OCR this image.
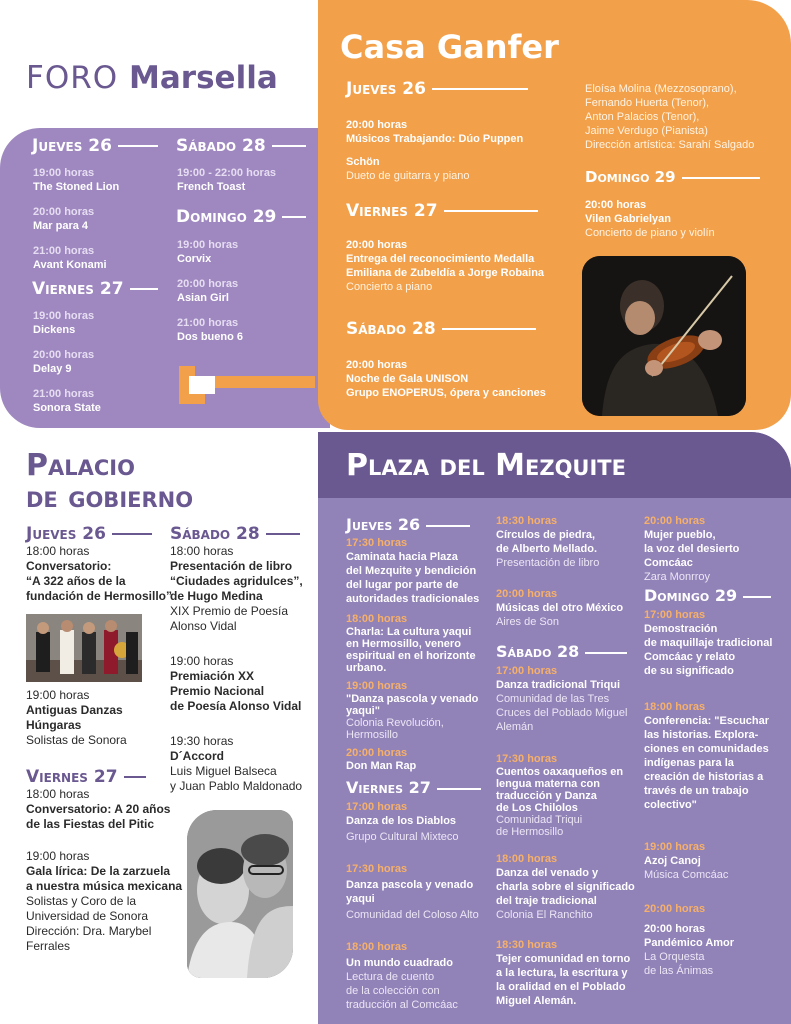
FORO Marsella
Jueves 26
19:00 horas
The Stoned Lion
20:00 horas
Mar para 4
21:00 horas
Avant Konami
Viernes 27
19:00 horas
Dickens
20:00 horas
Delay 9
21:00 horas
Sonora State
Sábado 28
19:00 - 22:00 horas
French Toast
Domingo 29
19:00 horas
Corvix
20:00 horas
Asian Girl
21:00 horas
Dos bueno 6
Casa Ganfer
Jueves 26
20:00 horas
Músicos Trabajando: Dúo Puppen
Schön
Dueto de guitarra y piano
Viernes 27
20:00 horas
Entrega del reconocimiento Medalla Emiliana de Zubeldía a Jorge Robaina
Concierto a piano
Sábado 28
20:00 horas
Noche de Gala UNISON
Grupo ENOPERUS, ópera y canciones
Eloísa Molina (Mezzosoprano),
Fernando Huerta (Tenor),
Anton Palacios (Tenor),
Jaime Verdugo (Pianista)
Dirección artística: Sarahí Salgado
Domingo 29
20:00 horas
Vilen Gabrielyan
Concierto de piano y violín
Palacio
de gobierno
Jueves 26
18:00 horas
Conversatorio:
“A 322 años de la
fundación de Hermosillo”
19:00 horas
Antiguas Danzas
Húngaras
Solistas de Sonora
Viernes 27
18:00 horas
Conversatorio: A 20 años
de las Fiestas del Pitic
19:00 horas
Gala lírica: De la zarzuela
a nuestra música mexicana
Solistas y Coro de la
Universidad de Sonora
Dirección: Dra. Marybel
Ferrales
Sábado 28
18:00 horas
Presentación de libro
“Ciudades agridulces”,
de Hugo Medina
XIX Premio de Poesía
Alonso Vidal
19:00 horas
Premiación XX
Premio Nacional
de Poesía Alonso Vidal
19:30 horas
D´Accord
Luis Miguel Balseca
y Juan Pablo Maldonado
Plaza del Mezquite
Jueves 26
17:30 horas
Caminata hacia Plaza
del Mezquite y bendición
del lugar por parte de
autoridades tradicionales
18:00 horas
Charla: La cultura yaqui
en Hermosillo, venero
espiritual en el horizonte
urbano.
19:00 horas
"Danza pascola y venado
yaqui"
Colonia Revolución,
Hermosillo
20:00 horas
Don Man Rap
Viernes 27
17:00 horas
Danza de los Diablos
Grupo Cultural Mixteco
17:30 horas
Danza pascola y venado
yaqui
Comunidad del Coloso Alto
18:00 horas
Un mundo cuadrado
Lectura de cuento
de la colección con
traducción al Comcáac
18:30 horas
Círculos de piedra,
de Alberto Mellado.
Presentación de libro
20:00 horas
Músicas del otro México
Aires de Son
Sábado 28
17:00 horas
Danza tradicional Triqui
Comunidad de las Tres
Cruces del Poblado Miguel
Alemán
17:30 horas
Cuentos oaxaqueños en
lengua materna con
traducción y Danza
de Los Chilolos
Comunidad Triqui
de Hermosillo
18:00 horas
Danza del venado y
charla sobre el significado
del traje tradicional
Colonia El Ranchito
18:30 horas
Tejer comunidad en torno
a la lectura, la escritura y
la oralidad en el Poblado
Miguel Alemán.
20:00 horas
Mujer pueblo,
la voz del desierto Comcáac
Zara Monrroy
Domingo 29
17:00 horas
Demostración
de maquillaje tradicional
Comcáac y relato
de su significado
18:00 horas
Conferencia: "Escuchar
las historias. Explora-
ciones en comunidades
indígenas para la
creación de historias a
través de un trabajo
colectivo"
19:00 horas
Azoj Canoj
Música Comcáac
20:00 horas
20:00 horas
Pandémico Amor
La Orquesta
de las Ánimas
